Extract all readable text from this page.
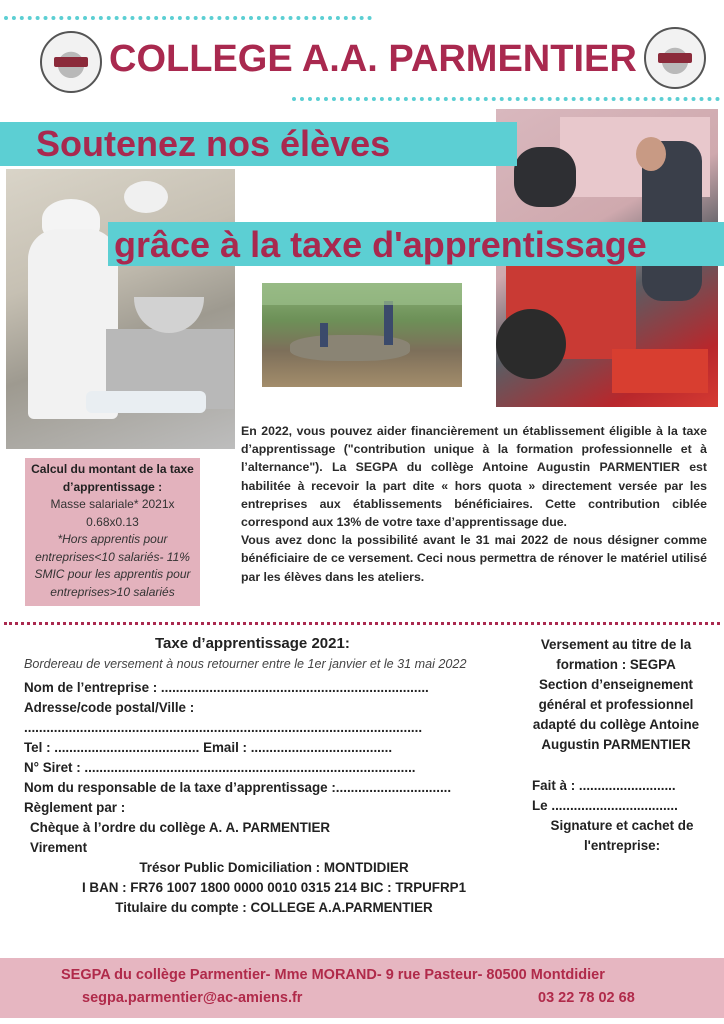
COLLEGE A.A. PARMENTIER
Soutenez nos élèves
grâce à la taxe d'apprentissage
En 2022, vous pouvez aider financièrement un établissement éligible à la taxe d’apprentissage ("contribution unique à la formation professionnelle et à l’alternance"). La SEGPA du collège Antoine Augustin PARMENTIER est habilitée à recevoir la part dite « hors quota » directement versée par les entreprises aux établissements bénéficiaires. Cette contribution ciblée correspond aux 13% de votre taxe d’apprentissage due.
Vous avez donc la possibilité avant le 31 mai 2022 de nous désigner comme bénéficiaire de ce versement. Ceci nous permettra de rénover le matériel utilisé par les élèves dans les ateliers.
Calcul du montant de la taxe d’apprentissage :
Masse salariale* 2021x 0.68x0.13
*Hors apprentis pour entreprises<10 salariés- 11% SMIC pour les apprentis pour entreprises>10 salariés
Taxe d’apprentissage 2021:
Bordereau de versement à nous retourner entre le 1er janvier et le 31 mai 2022
Nom de l’entreprise : ........................................................................
Adresse/code postal/Ville :
...........................................................................................................
Tel : ....................................... Email : ......................................
N° Siret : .........................................................................................
Nom du responsable de la taxe d’apprentissage :...............................
Règlement par :
Chèque à l’ordre du collège A. A. PARMENTIER
Virement
Trésor Public Domiciliation : MONTDIDIER
I BAN : FR76 1007 1800 0000 0010 0315 214 BIC : TRPUFRP1
Titulaire du compte : COLLEGE A.A.PARMENTIER
Versement au titre de la formation : SEGPA
Section d’enseignement général et professionnel adapté du collège Antoine Augustin PARMENTIER
Fait à : ..........................
Le ..................................
Signature et cachet de l'entreprise:
SEGPA du collège Parmentier- Mme MORAND- 9 rue Pasteur- 80500 Montdidier
segpa.parmentier@ac-amiens.fr	03 22 78 02 68
